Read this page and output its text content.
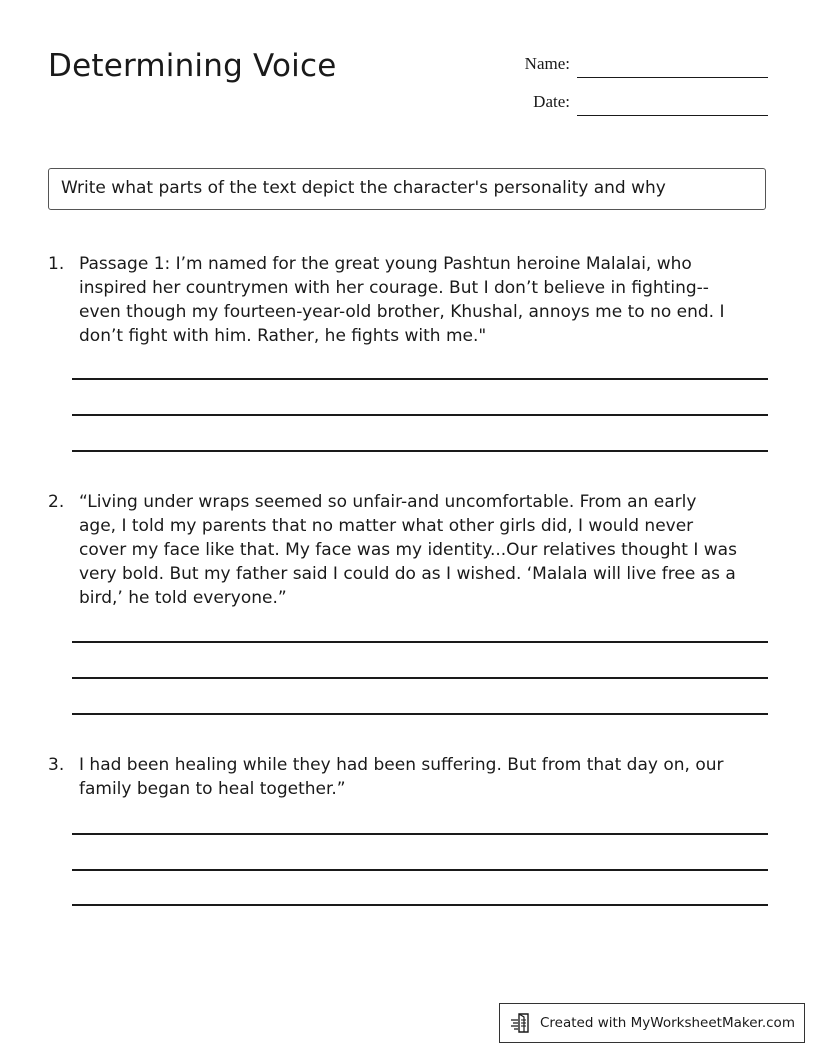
Determining Voice	Name:
Date:
Write what parts of the text depict the character's personality and why
1. Passage 1: I’m named for the great young Pashtun heroine Malalai, who
inspired her countrymen with her courage. But I don’t believe in fighting--
even though my fourteen-year-old brother, Khushal, annoys me to no end. I
don’t fight with him. Rather, he fights with me."
2. “Living under wraps seemed so unfair-and uncomfortable. From an early
age, I told my parents that no matter what other girls did, I would never
cover my face like that. My face was my identity...Our relatives thought I was
very bold. But my father said I could do as I wished. ‘Malala will live free as a
bird,’ he told everyone.”
3. I had been healing while they had been suffering. But from that day on, our
family began to heal together.”
Created with MyWorksheetMaker.com
